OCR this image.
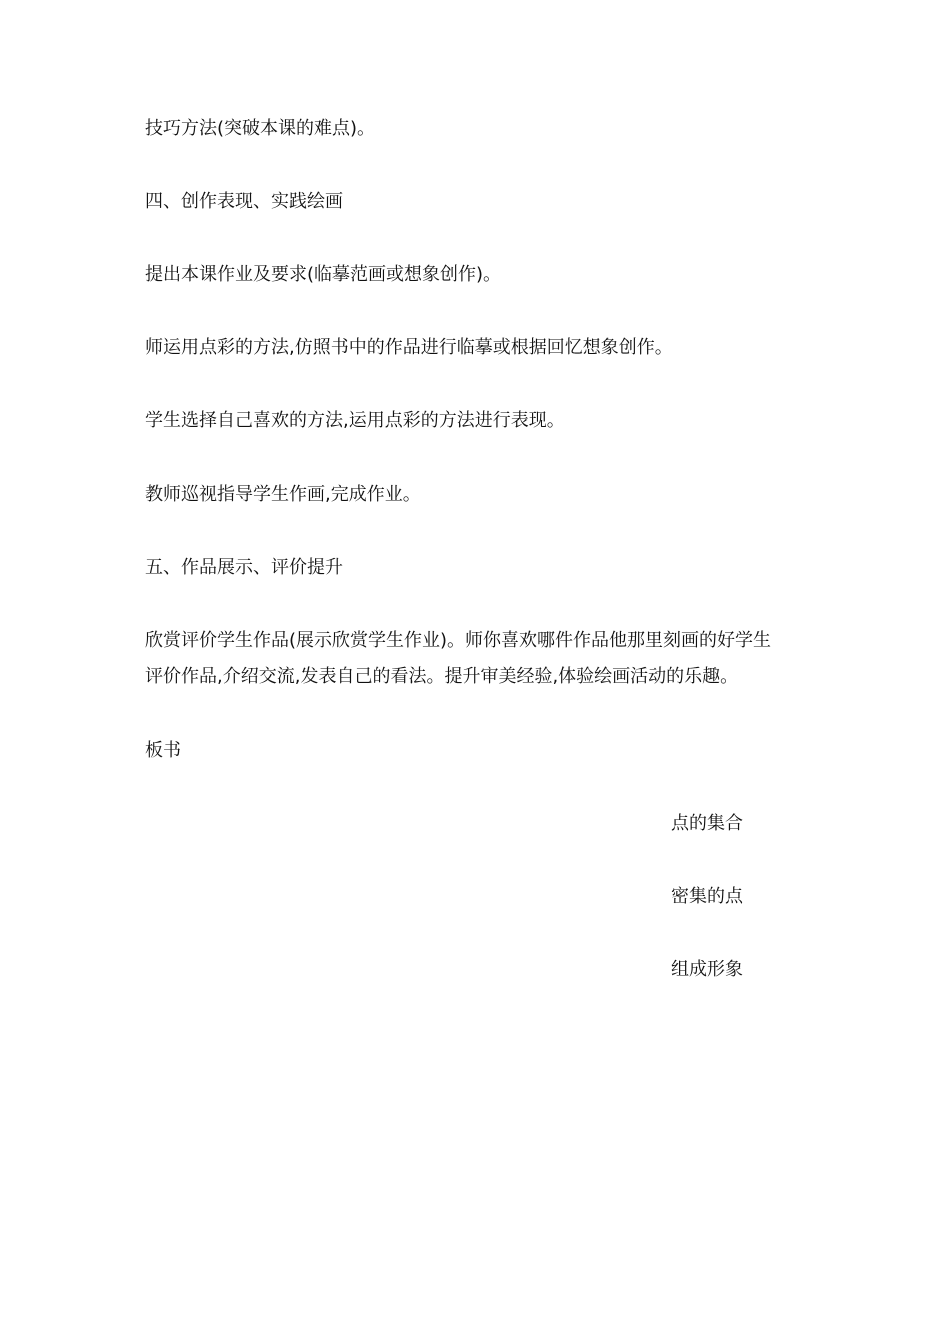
技巧方法(突破本课的难点)。

四、创作表现、实践绘画

提出本课作业及要求(临摹范画或想象创作)。

师运用点彩的方法,仿照书中的作品进行临摹或根据回忆想象创作。

学生选择自己喜欢的方法,运用点彩的方法进行表现。

教师巡视指导学生作画,完成作业。

五、作品展示、评价提升

欣赏评价学生作品(展示欣赏学生作业)。师你喜欢哪件作品他那里刻画的好学生

评价作品,介绍交流,发表自己的看法。提升审美经验,体验绘画活动的乐趣。

板书

点的集合

密集的点

组成形象
